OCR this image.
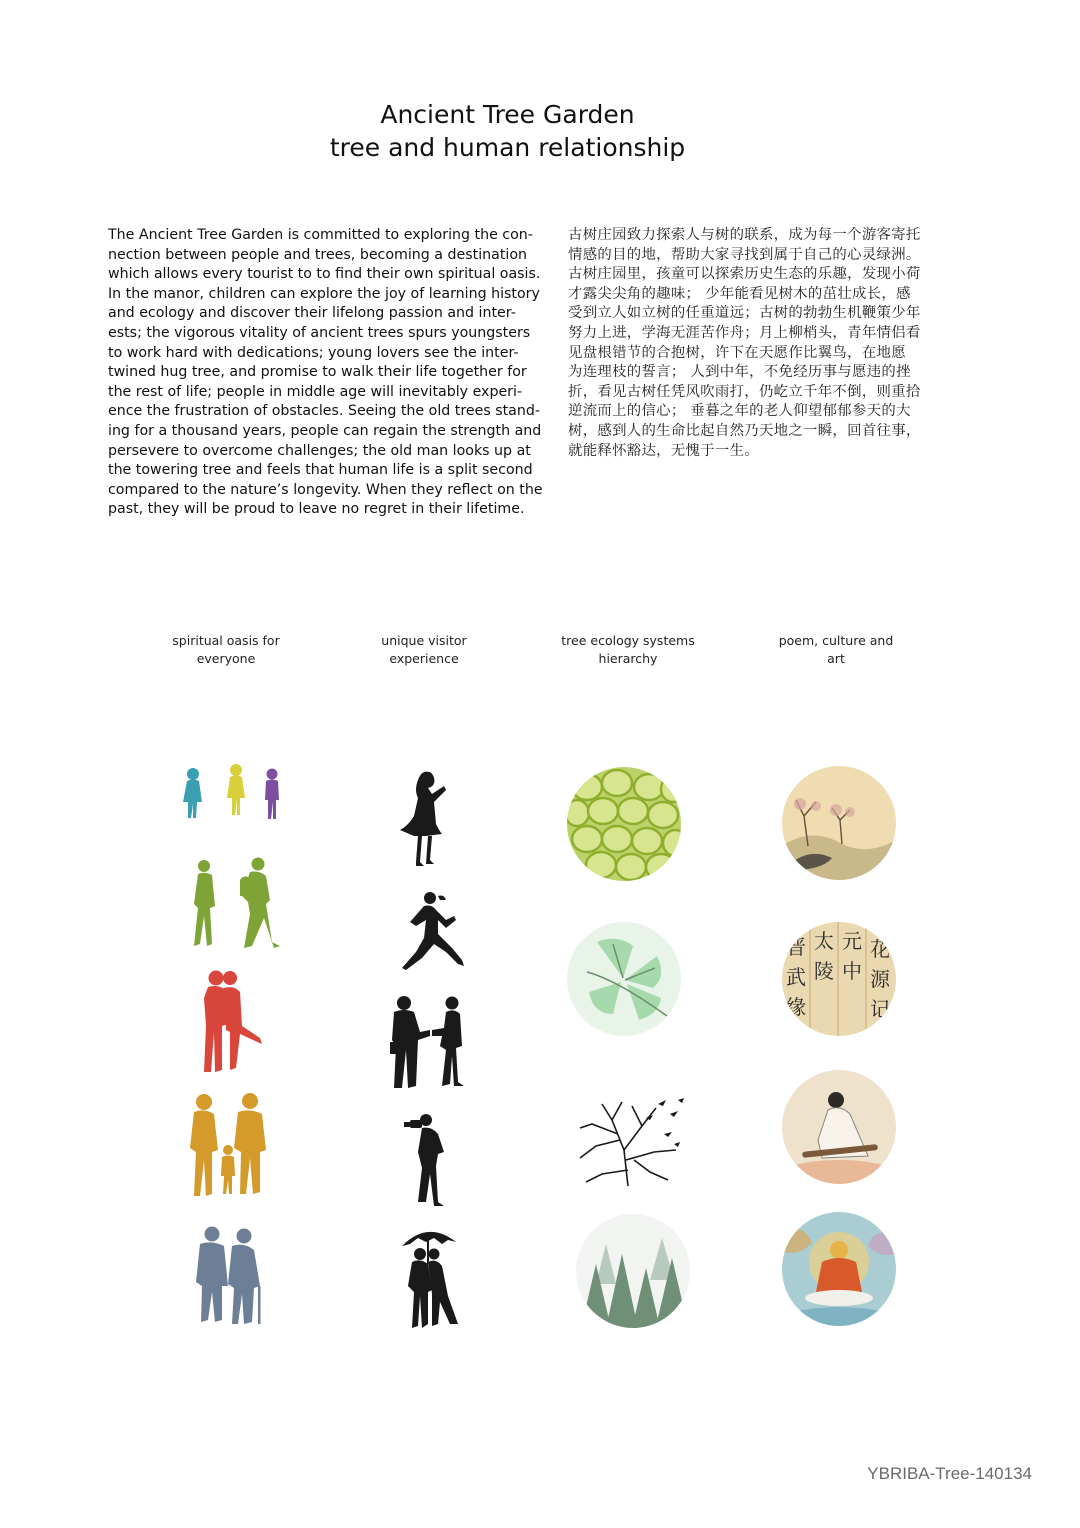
Ancient Tree Garden
tree and human relationship
The Ancient Tree Garden is committed to exploring the con-
nection between people and trees, becoming a destination
which allows every tourist to to find their own spiritual oasis.
In the manor, children can explore the joy of learning history
and ecology and discover their lifelong passion and inter-
ests; the vigorous vitality of ancient trees spurs youngsters
to work hard with dedications; young lovers see the inter-
twined hug tree, and promise to walk their life together for
the rest of life; people in middle age will inevitably experi-
ence the frustration of obstacles. Seeing the old trees stand-
ing for a thousand years, people can regain the strength and
persevere to overcome challenges; the old man looks up at
the towering tree and feels that human life is a split second
compared to the nature’s longevity. When they reflect on the
past, they will be proud to leave no regret in their lifetime.
古树庄园致力探索人与树的联系，成为每一个游客寄托
情感的目的地，帮助大家寻找到属于自己的心灵绿洲。
古树庄园里，孩童可以探索历史生态的乐趣，发现小荷
才露尖尖角的趣味； 少年能看见树木的茁壮成长，感
受到立人如立树的任重道远；古树的勃勃生机鞭策少年
努力上进，学海无涯苦作舟；月上柳梢头，青年情侣看
见盘根错节的合抱树，许下在天愿作比翼鸟，在地愿
为连理枝的誓言； 人到中年，不免经历事与愿违的挫
折，看见古树任凭风吹雨打，仍屹立千年不倒，则重拾
逆流而上的信心； 垂暮之年的老人仰望郁郁参天的大
树，感到人的生命比起自然乃天地之一瞬，回首往事，
就能释怀豁达，无愧于一生。
spiritual oasis for
everyone
unique visitor
experience
tree ecology systems
hierarchy
poem, culture and
art
晋 太 元 花
源
记
武 陵 中
缘
YBRIBA-Tree-140134
